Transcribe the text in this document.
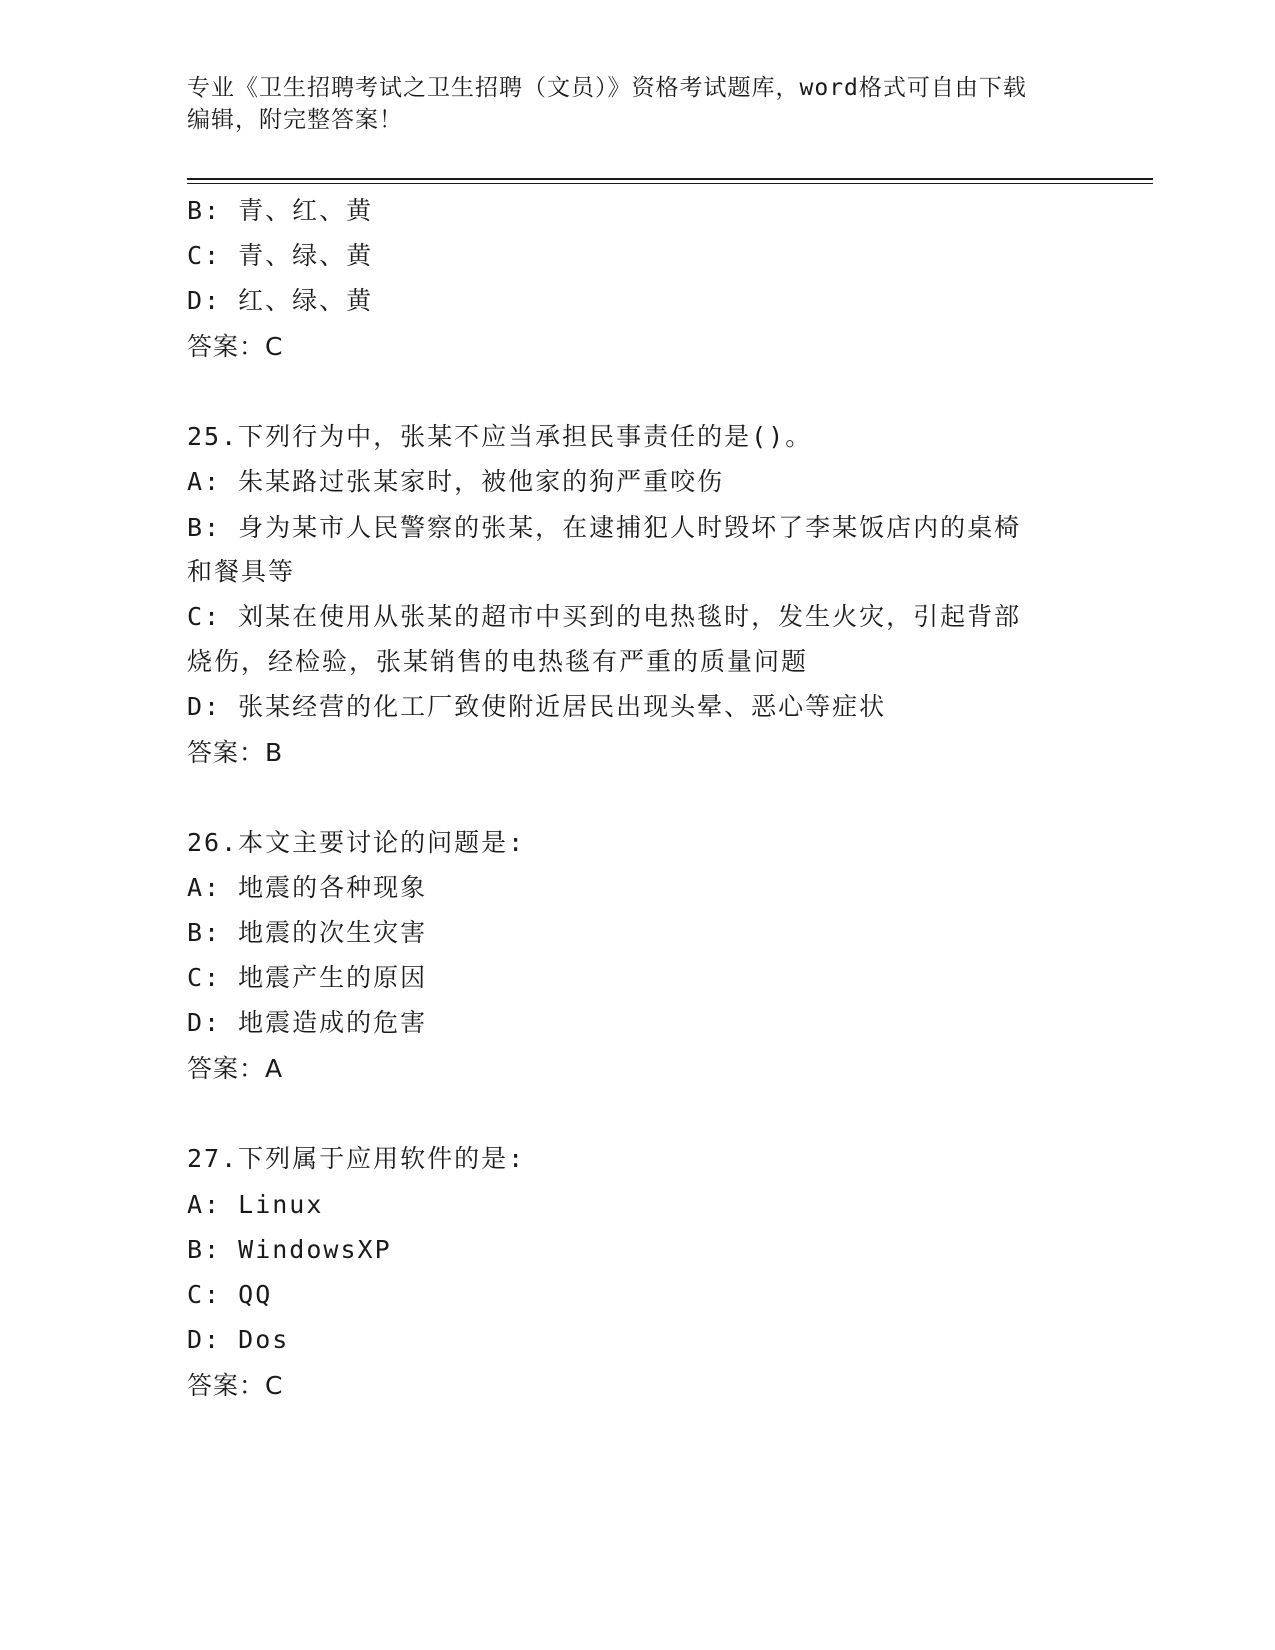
专业《卫生招聘考试之卫生招聘（文员）》资格考试题库，word格式可自由下载
编辑，附完整答案！
B: 青、红、黄
C: 青、绿、黄
D: 红、绿、黄
答案：C
25.下列行为中，张某不应当承担民事责任的是()。
A: 朱某路过张某家时，被他家的狗严重咬伤
B: 身为某市人民警察的张某，在逮捕犯人时毁坏了李某饭店内的桌椅
和餐具等
C: 刘某在使用从张某的超市中买到的电热毯时，发生火灾，引起背部
烧伤，经检验，张某销售的电热毯有严重的质量问题
D: 张某经营的化工厂致使附近居民出现头晕、恶心等症状
答案：B
26.本文主要讨论的问题是:
A: 地震的各种现象
B: 地震的次生灾害
C: 地震产生的原因
D: 地震造成的危害
答案：A
27.下列属于应用软件的是:
A: Linux
B: WindowsXP
C: QQ
D: Dos
答案：C
